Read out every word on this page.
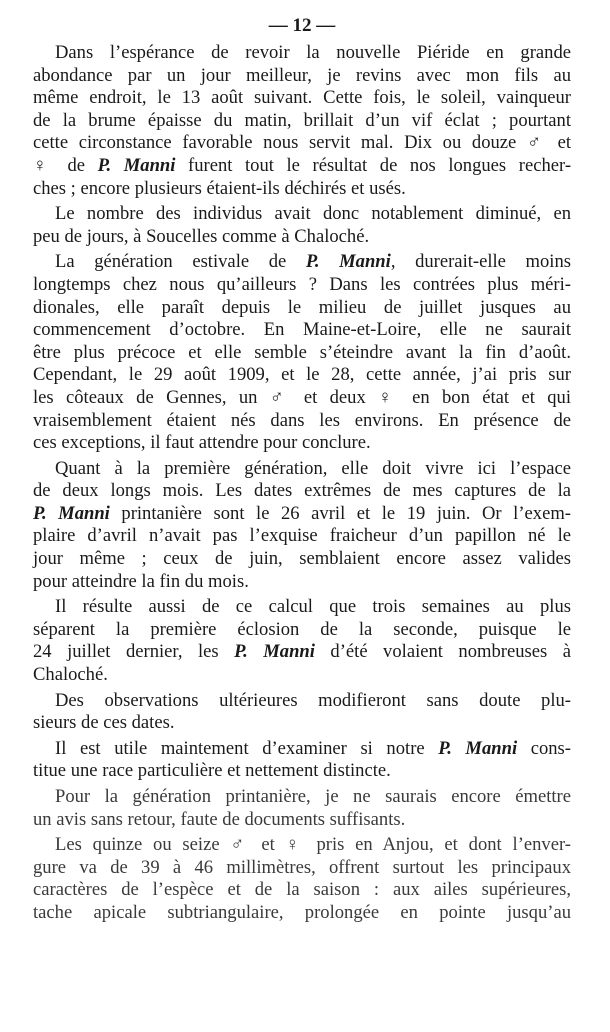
— 12 —
Dans l’espérance de revoir la nouvelle Piéride en grande
abondance par un jour meilleur, je revins avec mon fils au
même endroit, le 13 août suivant. Cette fois, le soleil, vainqueur
de la brume épaisse du matin, brillait d’un vif éclat ; pourtant
cette circonstance favorable nous servit mal. Dix ou douze ♂ et
♀ de P. Manni furent tout le résultat de nos longues recher-
ches ; encore plusieurs étaient-ils déchirés et usés.
Le nombre des individus avait donc notablement diminué, en
peu de jours, à Soucelles comme à Chaloché.
La génération estivale de P. Manni, durerait-elle moins
longtemps chez nous qu’ailleurs ? Dans les contrées plus méri-
dionales, elle paraît depuis le milieu de juillet jusques au
commencement d’octobre. En Maine-et-Loire, elle ne saurait
être plus précoce et elle semble s’éteindre avant la fin d’août.
Cependant, le 29 août 1909, et le 28, cette année, j’ai pris sur
les côteaux de Gennes, un ♂ et deux ♀ en bon état et qui
vraisemblement étaient nés dans les environs. En présence de
ces exceptions, il faut attendre pour conclure.
Quant à la première génération, elle doit vivre ici l’espace
de deux longs mois. Les dates extrêmes de mes captures de la
P. Manni printanière sont le 26 avril et le 19 juin. Or l’exem-
plaire d’avril n’avait pas l’exquise fraicheur d’un papillon né le
jour même ; ceux de juin, semblaient encore assez valides
pour atteindre la fin du mois.
Il résulte aussi de ce calcul que trois semaines au plus
séparent la première éclosion de la seconde, puisque le
24 juillet dernier, les P. Manni d’été volaient nombreuses à
Chaloché.
Des observations ultérieures modifieront sans doute plu-
sieurs de ces dates.
Il est utile maintement d’examiner si notre P. Manni cons-
titue une race particulière et nettement distincte.
Pour la génération printanière, je ne saurais encore émettre
un avis sans retour, faute de documents suffisants.
Les quinze ou seize ♂ et ♀ pris en Anjou, et dont l’enver-
gure va de 39 à 46 millimètres, offrent surtout les principaux
caractères de l’espèce et de la saison : aux ailes supérieures,
tache apicale subtriangulaire, prolongée en pointe jusqu’au
